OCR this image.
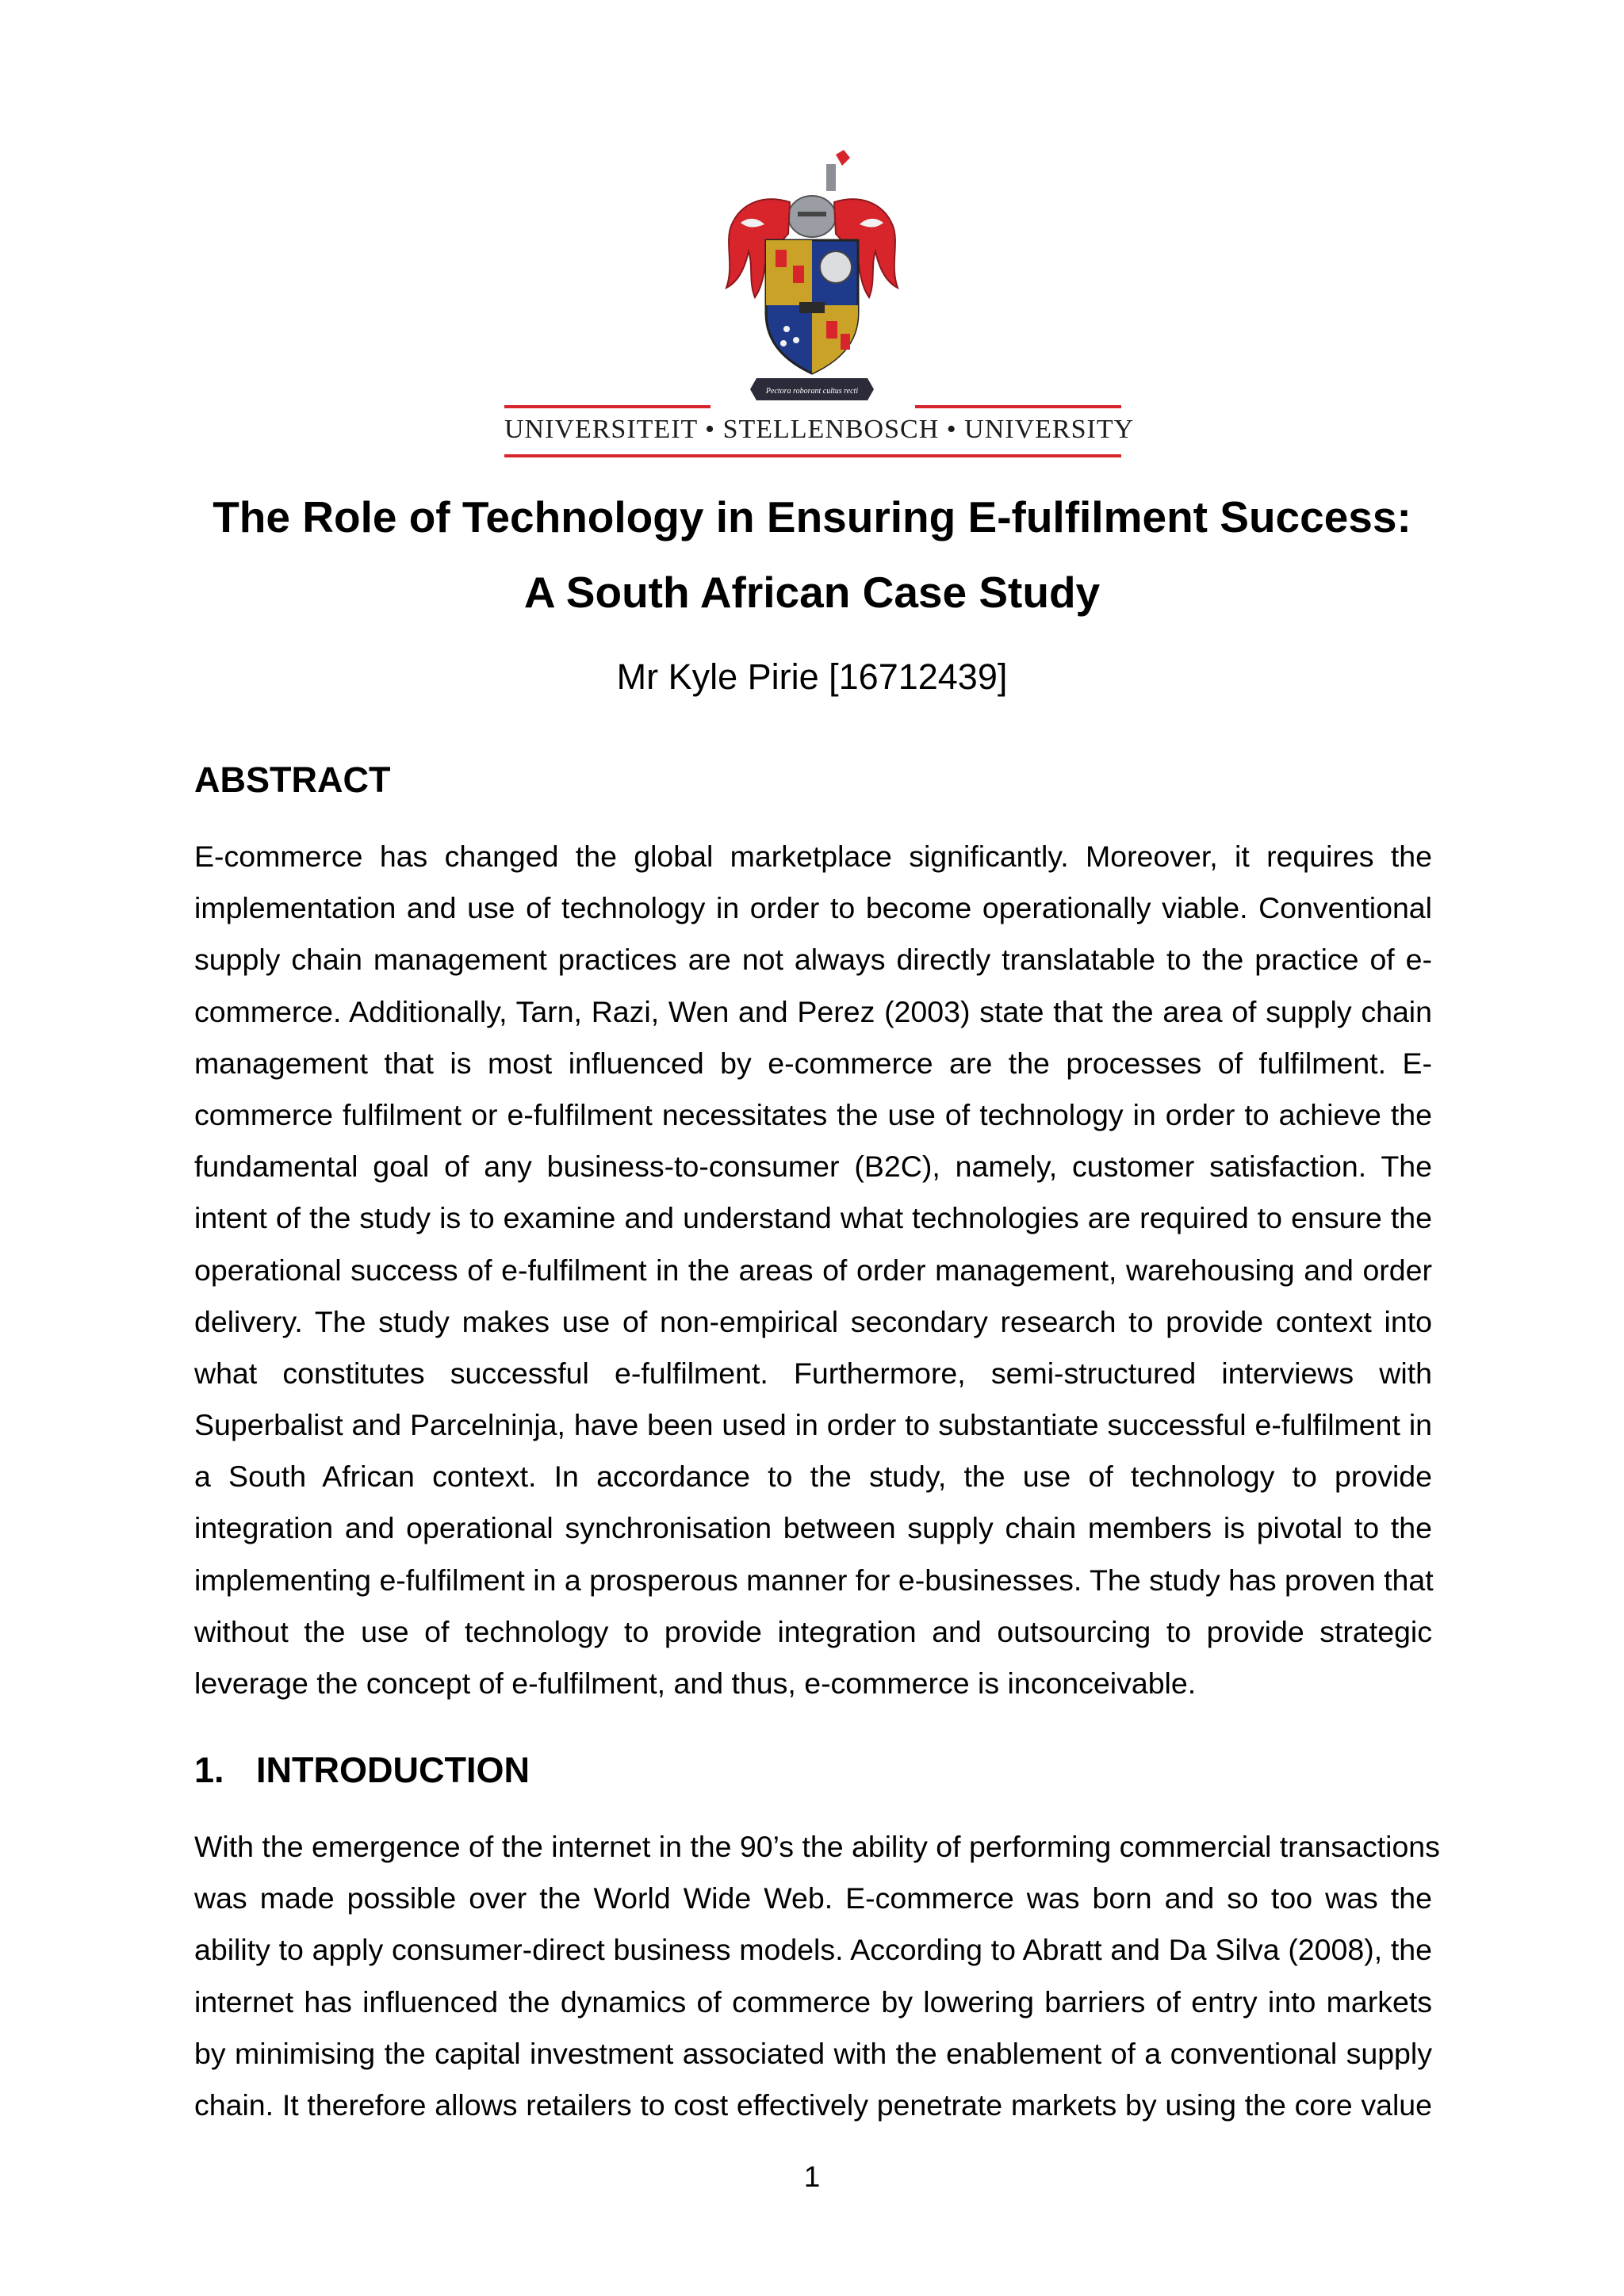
Pectora roborant cultus recti
UNIVERSITEIT • STELLENBOSCH • UNIVERSITY
The Role of Technology in Ensuring E-fulfilment Success:
A South African Case Study
Mr Kyle Pirie [16712439]
ABSTRACT
E-commerce has changed the global marketplace significantly. Moreover, it requires the
implementation and use of technology in order to become operationally viable. Conventional
supply chain management practices are not always directly translatable to the practice of e-
commerce. Additionally, Tarn, Razi, Wen and Perez (2003) state that the area of supply chain
management that is most influenced by e-commerce are the processes of fulfilment. E-
commerce fulfilment or e-fulfilment necessitates the use of technology in order to achieve the
fundamental goal of any business-to-consumer (B2C), namely, customer satisfaction. The
intent of the study is to examine and understand what technologies are required to ensure the
operational success of e-fulfilment in the areas of order management, warehousing and order
delivery. The study makes use of non-empirical secondary research to provide context into
what constitutes successful e-fulfilment. Furthermore, semi-structured interviews with
Superbalist and Parcelninja, have been used in order to substantiate successful e-fulfilment in
a South African context. In accordance to the study, the use of technology to provide
integration and operational synchronisation between supply chain members is pivotal to the
implementing e-fulfilment in a prosperous manner for e-businesses. The study has proven that
without the use of technology to provide integration and outsourcing to provide strategic
leverage the concept of e-fulfilment, and thus, e-commerce is inconceivable.
1. INTRODUCTION
With the emergence of the internet in the 90’s the ability of performing commercial transactions
was made possible over the World Wide Web. E-commerce was born and so too was the
ability to apply consumer-direct business models. According to Abratt and Da Silva (2008), the
internet has influenced the dynamics of commerce by lowering barriers of entry into markets
by minimising the capital investment associated with the enablement of a conventional supply
chain. It therefore allows retailers to cost effectively penetrate markets by using the core value
1
